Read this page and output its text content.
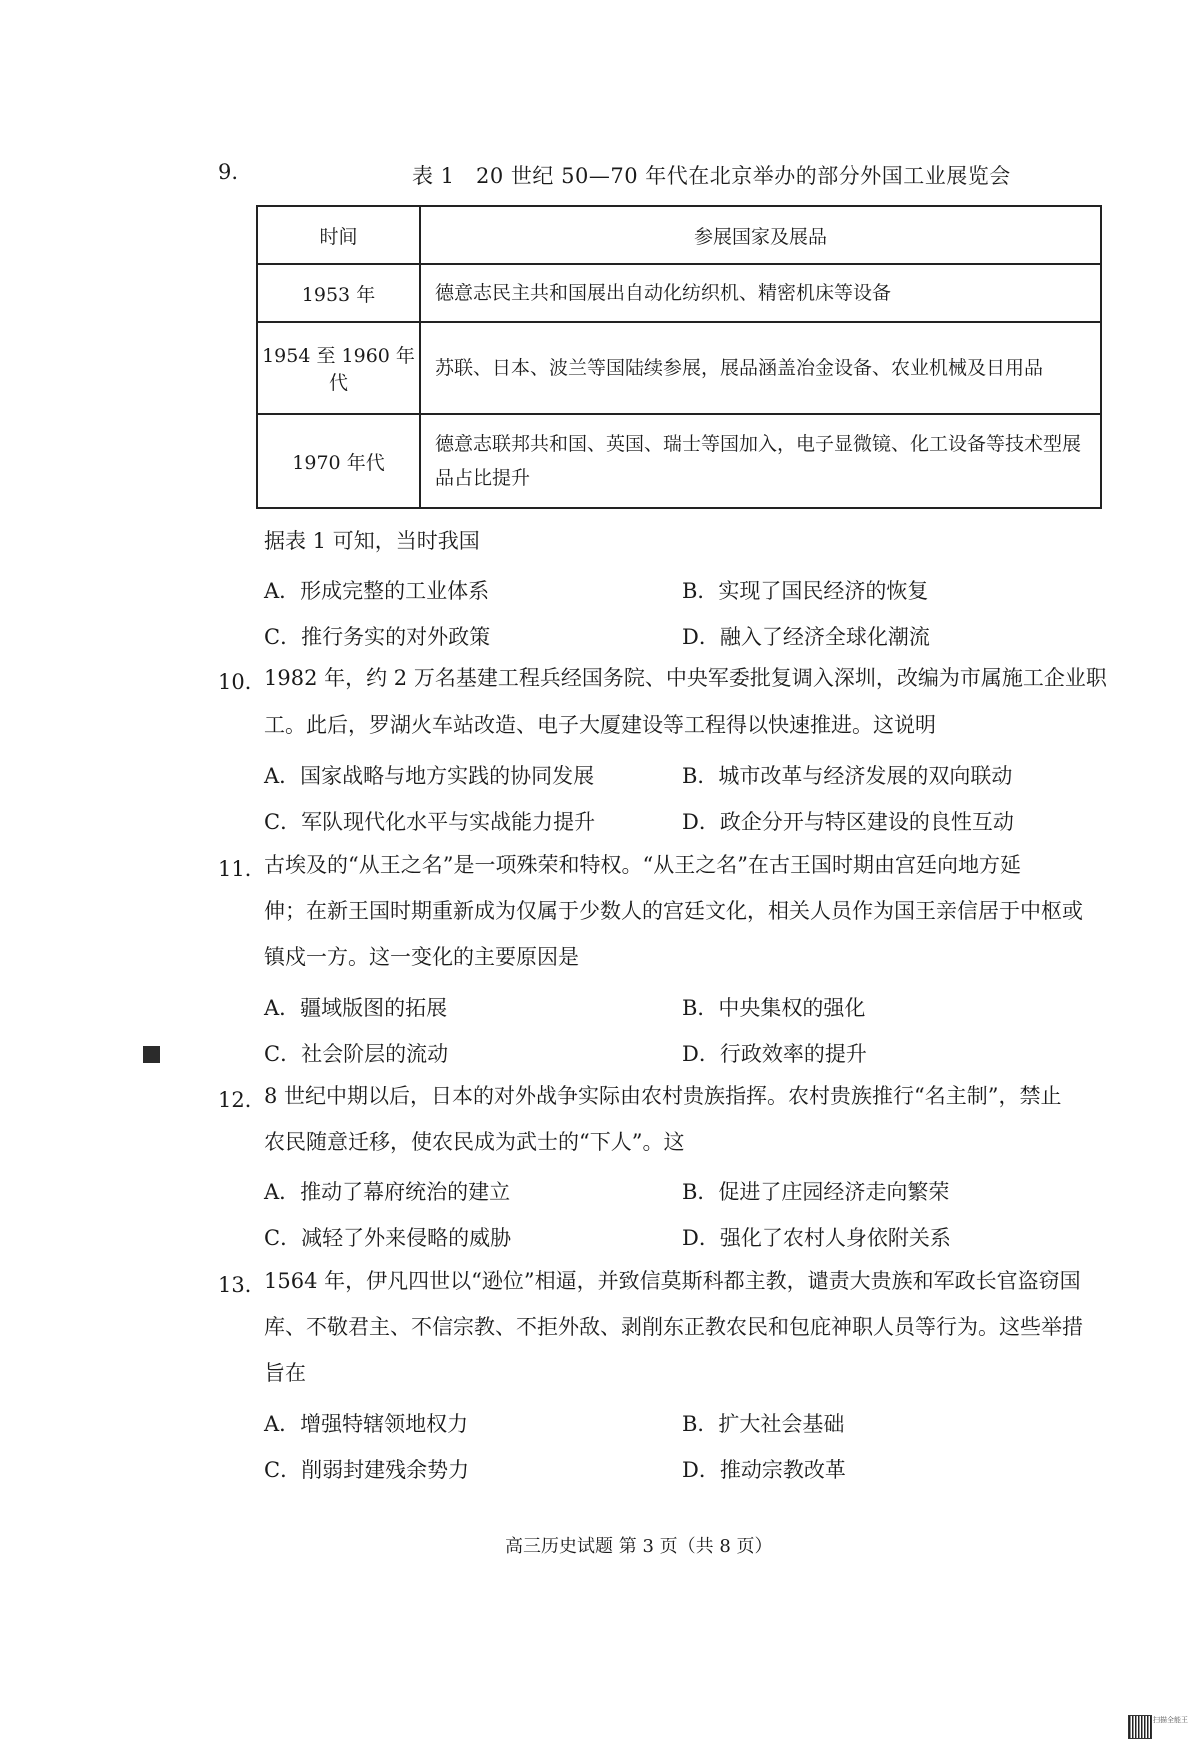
9.	表 1　20 世纪 50—70 年代在北京举办的部分外国工业展览会
时间	参展国家及展品
1953 年	德意志民主共和国展出自动化纺织机、精密机床等设备
1954 至 1960 年代	苏联、日本、波兰等国陆续参展，展品涵盖冶金设备、农业机械及日用品
1970 年代	德意志联邦共和国、英国、瑞士等国加入，电子显微镜、化工设备等技术型展品占比提升
据表 1 可知，当时我国
A．形成完整的工业体系	B．实现了国民经济的恢复
C．推行务实的对外政策	D．融入了经济全球化潮流
10．
1982 年，约 2 万名基建工程兵经国务院、中央军委批复调入深圳，改编为市属施工企业职
工。此后，罗湖火车站改造、电子大厦建设等工程得以快速推进。这说明
A．国家战略与地方实践的协同发展	B．城市改革与经济发展的双向联动
C．军队现代化水平与实战能力提升	D．政企分开与特区建设的良性互动
11．
古埃及的“从王之名”是一项殊荣和特权。“从王之名”在古王国时期由宫廷向地方延
伸；在新王国时期重新成为仅属于少数人的宫廷文化，相关人员作为国王亲信居于中枢或
镇戍一方。这一变化的主要原因是
A．疆域版图的拓展	B．中央集权的强化
C．社会阶层的流动	D．行政效率的提升
12．
8 世纪中期以后，日本的对外战争实际由农村贵族指挥。农村贵族推行“名主制”，禁止
农民随意迁移，使农民成为武士的“下人”。这
A．推动了幕府统治的建立	B．促进了庄园经济走向繁荣
C．减轻了外来侵略的威胁	D．强化了农村人身依附关系
13．
1564 年，伊凡四世以“逊位”相逼，并致信莫斯科都主教，谴责大贵族和军政长官盗窃国
库、不敬君主、不信宗教、不拒外敌、剥削东正教农民和包庇神职人员等行为。这些举措
旨在
A．增强特辖领地权力	B．扩大社会基础
C．削弱封建残余势力	D．推动宗教改革
高三历史试题 第 3 页（共 8 页）
扫描全能王
